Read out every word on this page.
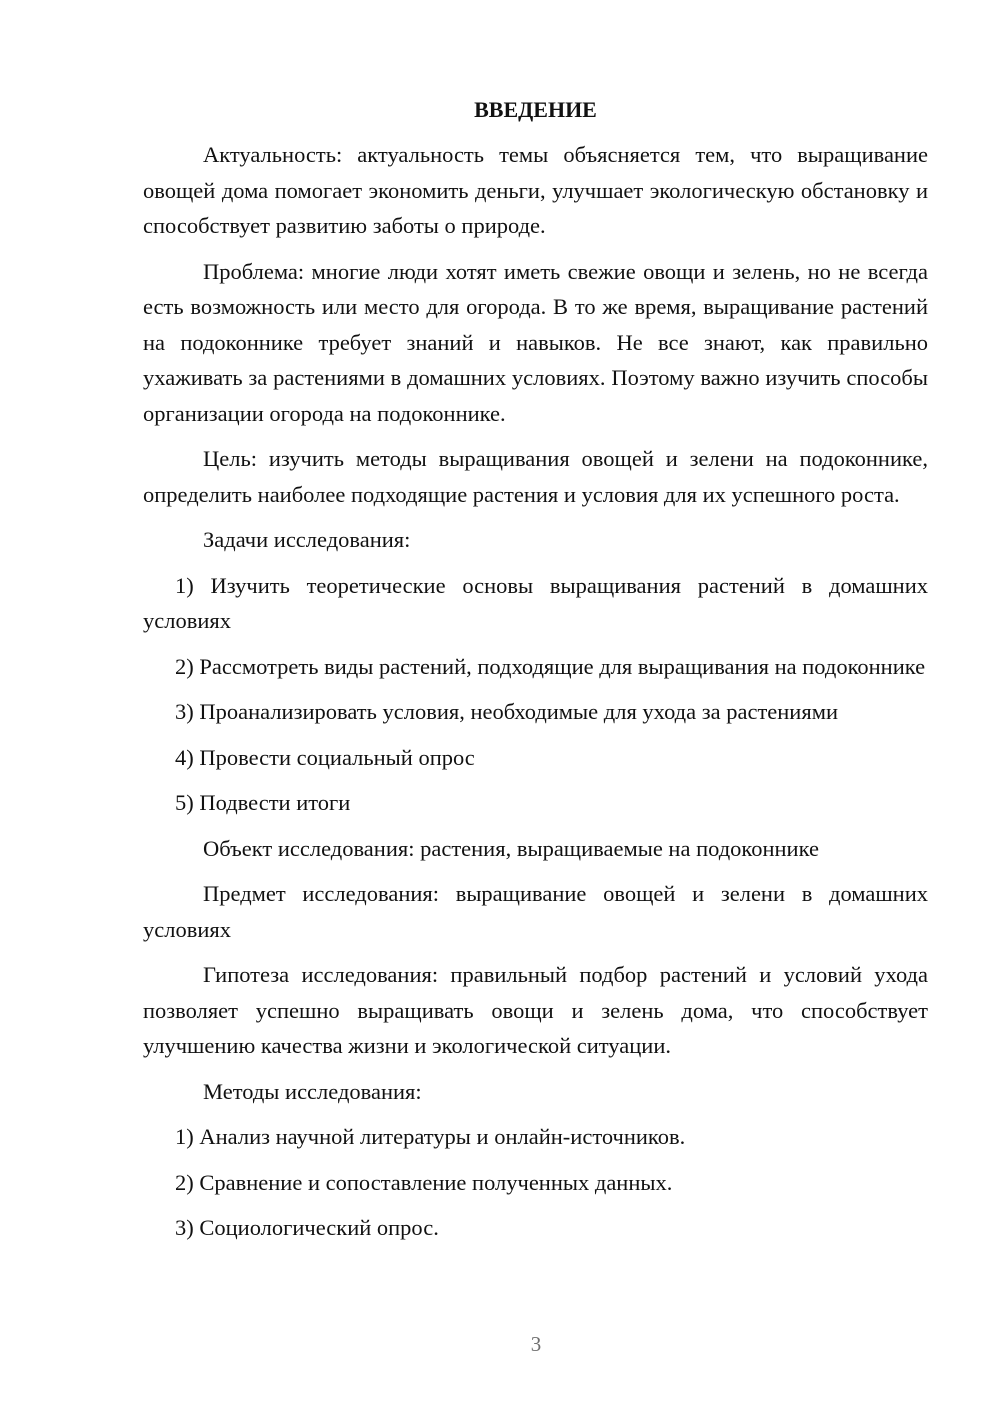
ВВЕДЕНИЕ

Актуальность: актуальность темы объясняется тем, что выращивание овощей дома помогает экономить деньги, улучшает экологическую обстановку и способствует развитию заботы о природе.

Проблема: многие люди хотят иметь свежие овощи и зелень, но не всегда есть возможность или место для огорода. В то же время, выращивание растений на подоконнике требует знаний и навыков. Не все знают, как правильно ухаживать за растениями в домашних условиях. Поэтому важно изучить способы организации огорода на подоконнике.

Цель: изучить методы выращивания овощей и зелени на подоконнике, определить наиболее подходящие растения и условия для их успешного роста.

Задачи исследования:

1) Изучить теоретические основы выращивания растений в домашних условиях

2) Рассмотреть виды растений, подходящие для выращивания на подоконнике

3) Проанализировать условия, необходимые для ухода за растениями

4) Провести социальный опрос

5) Подвести итоги

Объект исследования: растения, выращиваемые на подоконнике

Предмет исследования: выращивание овощей и зелени в домашних условиях

Гипотеза исследования: правильный подбор растений и условий ухода позволяет успешно выращивать овощи и зелень дома, что способствует улучшению качества жизни и экологической ситуации.

Методы исследования:

1) Анализ научной литературы и онлайн-источников.

2) Сравнение и сопоставление полученных данных.

3) Социологический опрос.

3
